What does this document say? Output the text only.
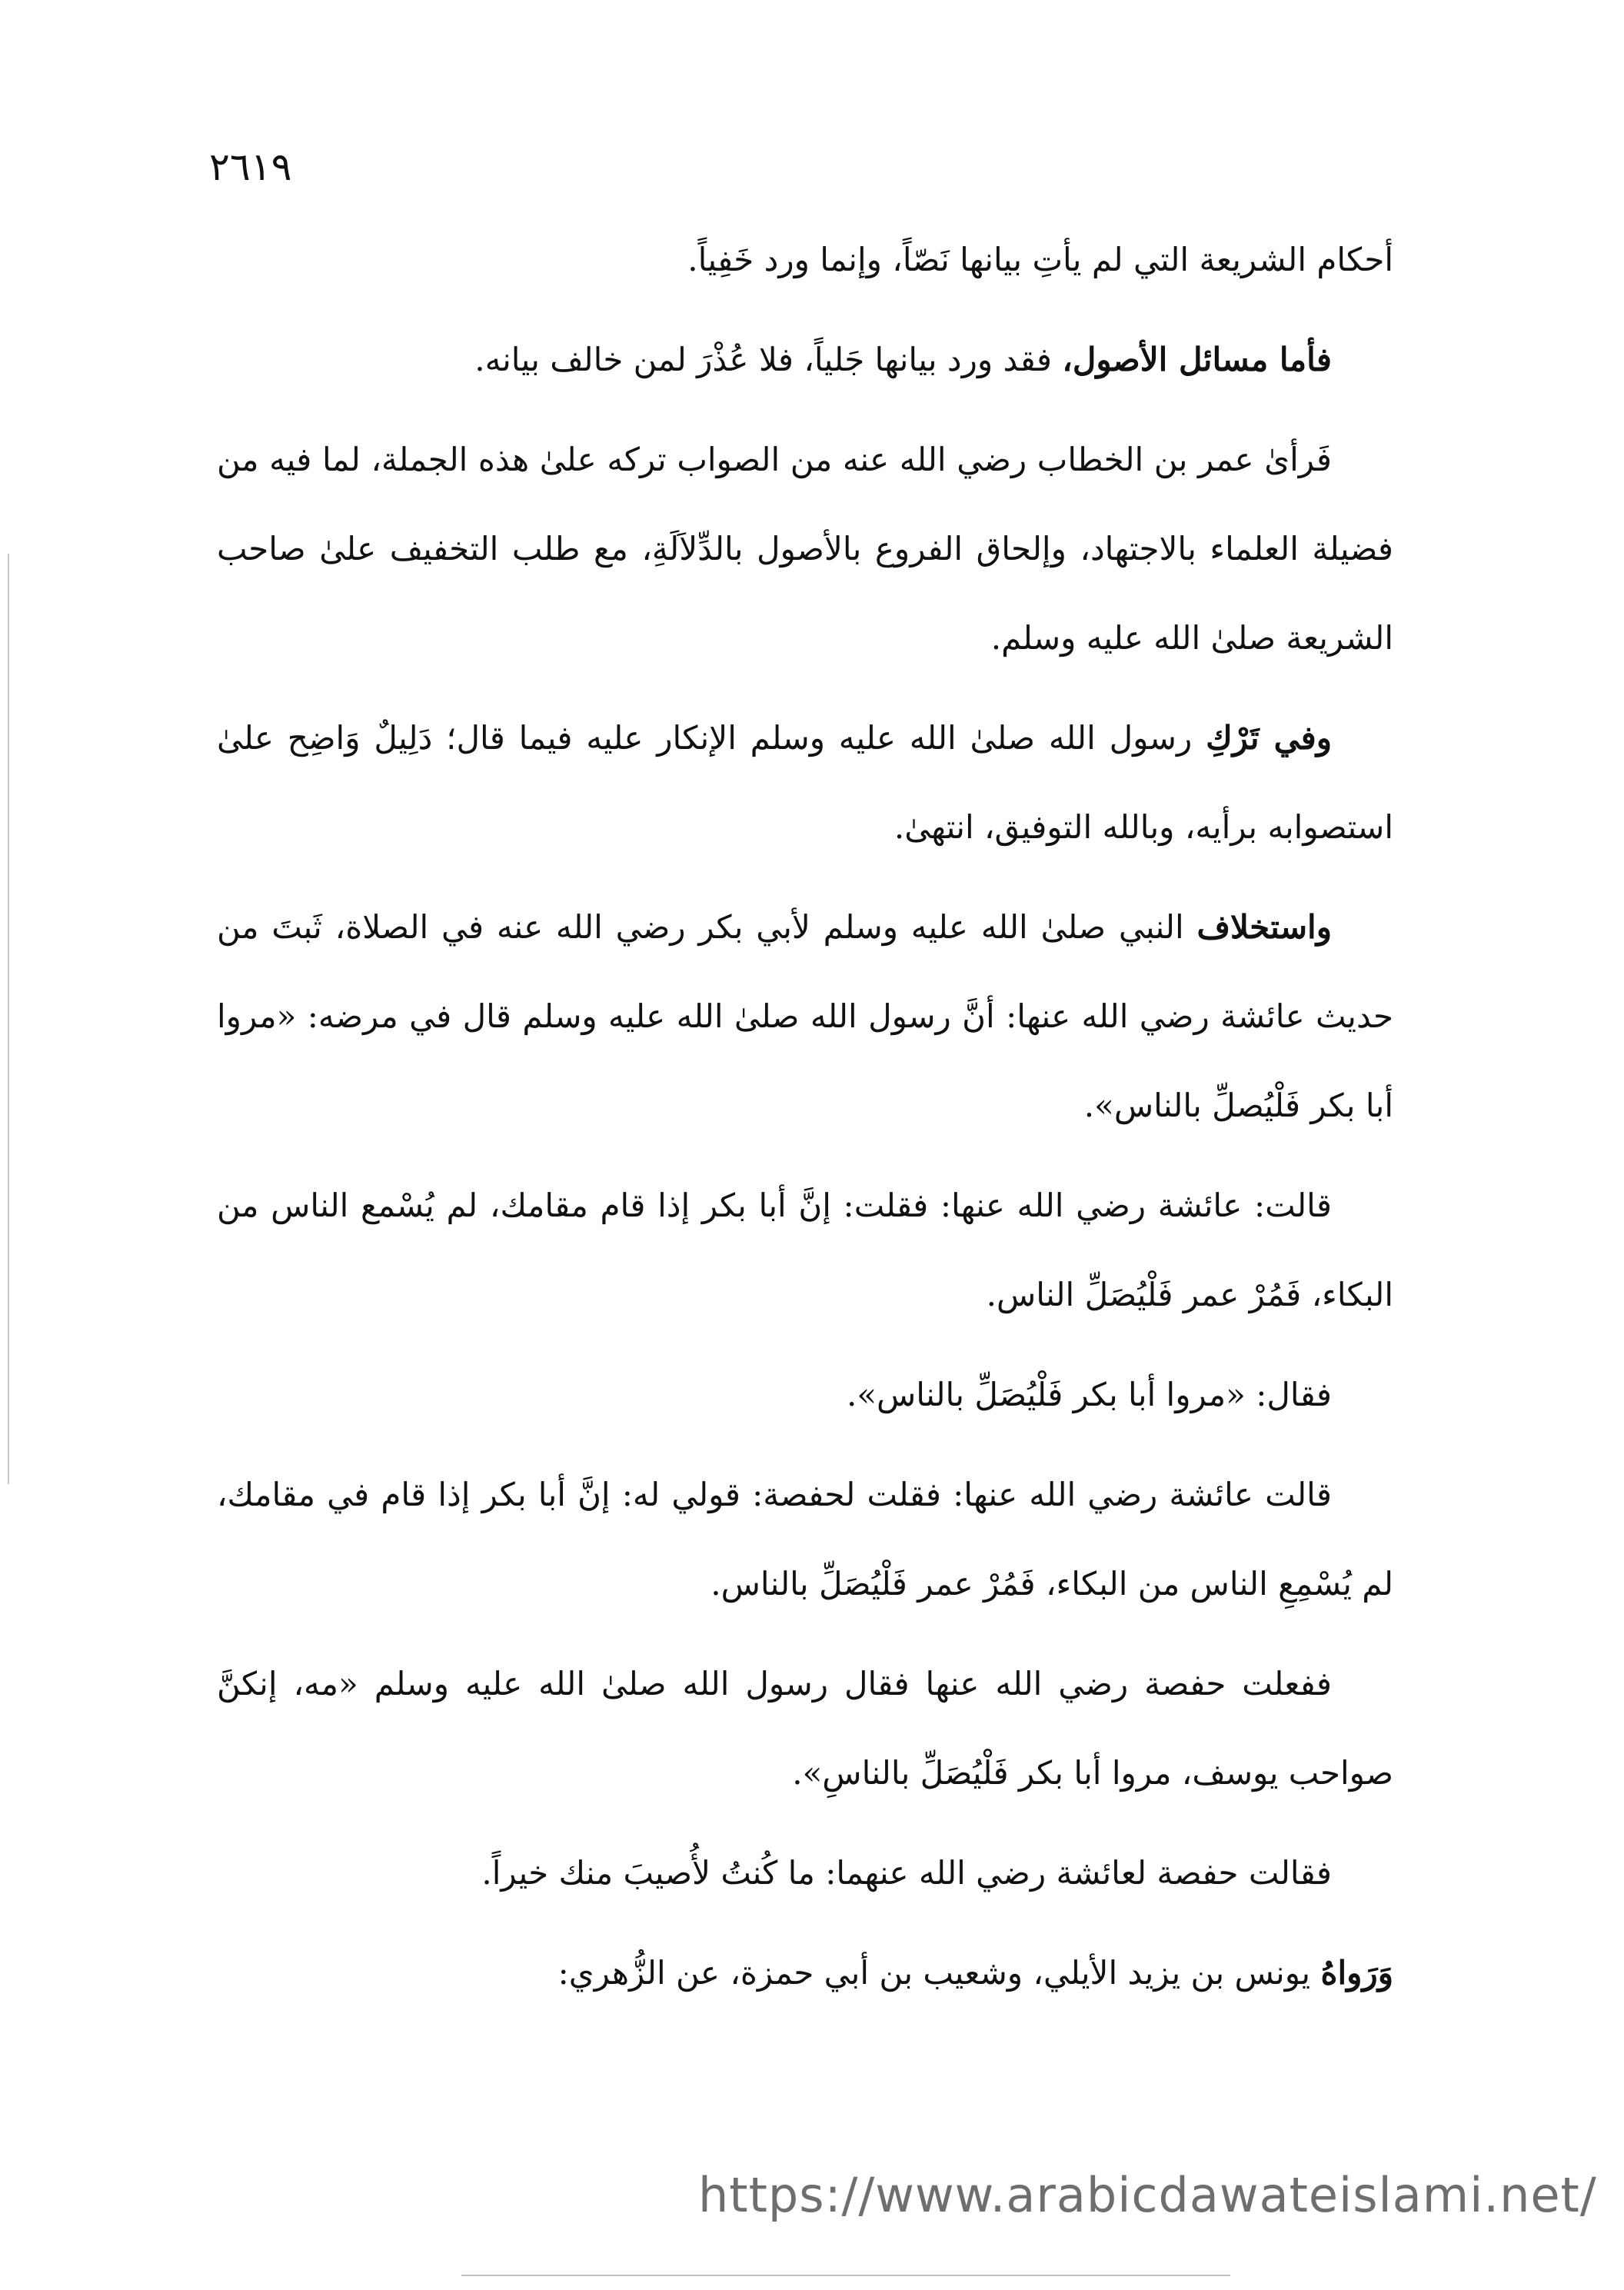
٢٦١٩

أحكام الشريعة التي لم يأتِ بيانها نَصّاً، وإنما ورد خَفِياً.

فأما مسائل الأصول، فقد ورد بيانها جَلياً، فلا عُذْرَ لمن خالف بيانه.

فَرأىٰ عمر بن الخطاب رضي الله عنه من الصواب تركه علىٰ هذه الجملة، لما فيه من فضيلة العلماء بالاجتهاد، وإلحاق الفروع بالأصول بالدِّلاَلَةِ، مع طلب التخفيف علىٰ صاحب الشريعة صلىٰ الله عليه وسلم.

وفي تَرْكِ رسول الله صلىٰ الله عليه وسلم الإنكار عليه فيما قال؛ دَلِيلٌ وَاضِح علىٰ استصوابه برأيه، وبالله التوفيق، انتهىٰ.

واستخلاف النبي صلىٰ الله عليه وسلم لأبي بكر رضي الله عنه في الصلاة، ثَبتَ من حديث عائشة رضي الله عنها: أنَّ رسول الله صلىٰ الله عليه وسلم قال في مرضه: «مروا أبا بكر فَلْيُصلِّ بالناس».

قالت: عائشة رضي الله عنها: فقلت: إنَّ أبا بكر إذا قام مقامك، لم يُسْمع الناس من البكاء، فَمُرْ عمر فَلْيُصَلِّ الناس.

فقال: «مروا أبا بكر فَلْيُصَلِّ بالناس».

قالت عائشة رضي الله عنها: فقلت لحفصة: قولي له: إنَّ أبا بكر إذا قام في مقامك، لم يُسْمِعِ الناس من البكاء، فَمُرْ عمر فَلْيُصَلِّ بالناس.

ففعلت حفصة رضي الله عنها فقال رسول الله صلىٰ الله عليه وسلم «مه، إنكنَّ صواحب يوسف، مروا أبا بكر فَلْيُصَلِّ بالناسِ».

فقالت حفصة لعائشة رضي الله عنهما: ما كُنتُ لأُصيبَ منك خيراً.

وَرَواهُ يونس بن يزيد الأيلي، وشعيب بن أبي حمزة، عن الزُّهري:

https://www.arabicdawateislami.net/
